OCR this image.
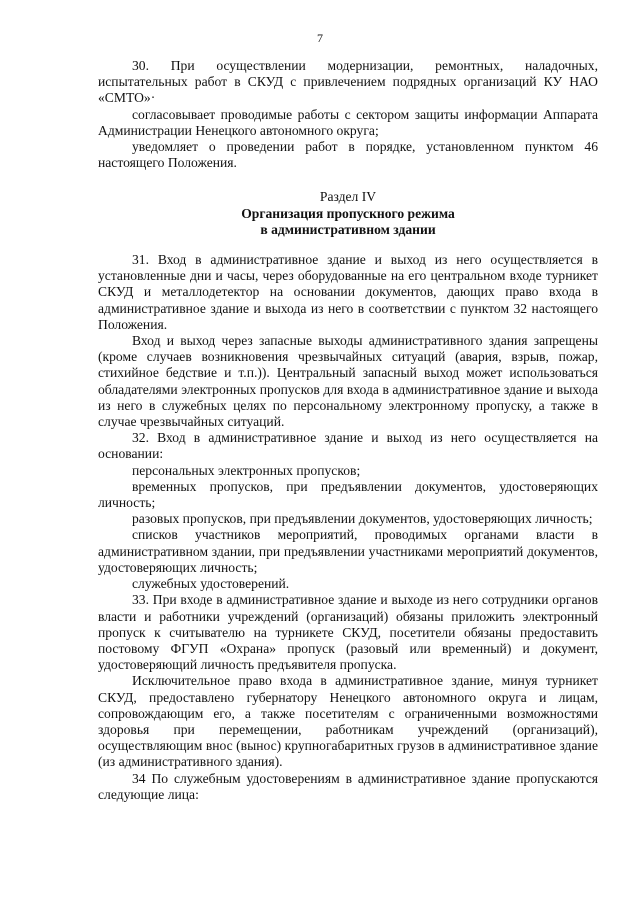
7

30. При осуществлении модернизации, ремонтных, наладочных, испытательных работ в СКУД с привлечением подрядных организаций КУ НАО «СМТО»·

согласовывает проводимые работы с сектором защиты информации Аппарата Администрации Ненецкого автономного округа;

уведомляет о проведении работ в порядке, установленном пунктом 46 настоящего Положения.

Раздел IV

Организация пропускного режима

в административном здании

31. Вход в административное здание и выход из него осуществляется в установленные дни и часы, через оборудованные на его центральном входе турникет СКУД и металлодетектор на основании документов, дающих право входа в административное здание и выхода из него в соответствии с пунктом 32 настоящего Положения.

Вход и выход через запасные выходы административного здания запрещены (кроме случаев возникновения чрезвычайных ситуаций (авария, взрыв, пожар, стихийное бедствие и т.п.)). Центральный запасный выход может использоваться обладателями электронных пропусков для входа в административное здание и выхода из него в служебных целях по персональному электронному пропуску, а также в случае чрезвычайных ситуаций.

32. Вход в административное здание и выход из него осуществляется на основании:

персональных электронных пропусков;

временных пропусков, при предъявлении документов, удостоверяющих личность;

разовых пропусков, при предъявлении документов, удостоверяющих личность;

списков участников мероприятий, проводимых органами власти в административном здании, при предъявлении участниками мероприятий документов, удостоверяющих личность;

служебных удостоверений.

33. При входе в административное здание и выходе из него сотрудники органов власти и работники учреждений (организаций) обязаны приложить электронный пропуск к считывателю на турникете СКУД, посетители обязаны предоставить постовому ФГУП «Охрана» пропуск (разовый или временный) и документ, удостоверяющий личность предъявителя пропуска.

Исключительное право входа в административное здание, минуя турникет СКУД, предоставлено губернатору Ненецкого автономного округа и лицам, сопровождающим его, а также посетителям с ограниченными возможностями здоровья при перемещении, работникам учреждений (организаций), осуществляющим внос (вынос) крупногабаритных грузов в административное здание (из административного здания).

34 По служебным удостоверениям в административное здание пропускаются следующие лица:
